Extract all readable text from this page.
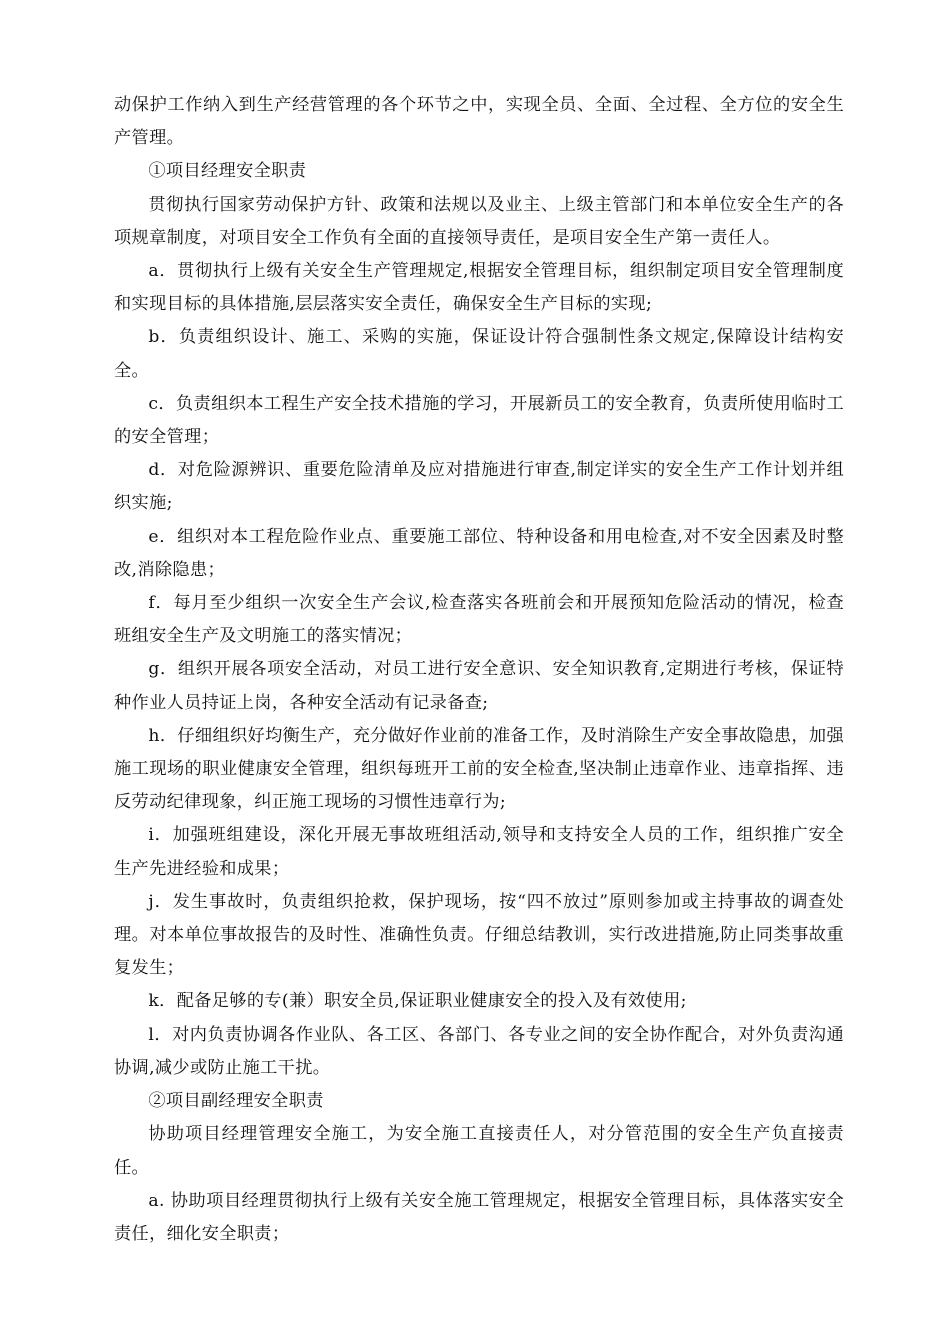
动保护工作纳入到生产经营管理的各个环节之中，实现全员、全面、全过程、全方位的安全生产管理。

①项目经理安全职责

贯彻执行国家劳动保护方针、政策和法规以及业主、上级主管部门和本单位安全生产的各项规章制度，对项目安全工作负有全面的直接领导责任，是项目安全生产第一责任人。

a．贯彻执行上级有关安全生产管理规定,根据安全管理目标，组织制定项目安全管理制度和实现目标的具体措施,层层落实安全责任，确保安全生产目标的实现;

b．负责组织设计、施工、采购的实施，保证设计符合强制性条文规定,保障设计结构安全。

c．负责组织本工程生产安全技术措施的学习，开展新员工的安全教育，负责所使用临时工的安全管理；

d．对危险源辨识、重要危险清单及应对措施进行审查,制定详实的安全生产工作计划并组织实施;

e．组织对本工程危险作业点、重要施工部位、特种设备和用电检查,对不安全因素及时整改,消除隐患；

f．每月至少组织一次安全生产会议,检查落实各班前会和开展预知危险活动的情况，检查班组安全生产及文明施工的落实情况；

g．组织开展各项安全活动，对员工进行安全意识、安全知识教育,定期进行考核，保证特种作业人员持证上岗，各种安全活动有记录备查;

h．仔细组织好均衡生产，充分做好作业前的准备工作，及时消除生产安全事故隐患，加强施工现场的职业健康安全管理，组织每班开工前的安全检查,坚决制止违章作业、违章指挥、违反劳动纪律现象，纠正施工现场的习惯性违章行为;

i．加强班组建设，深化开展无事故班组活动,领导和支持安全人员的工作，组织推广安全生产先进经验和成果；

j．发生事故时，负责组织抢救，保护现场，按“四不放过”原则参加或主持事故的调查处理。对本单位事故报告的及时性、准确性负责。仔细总结教训，实行改进措施,防止同类事故重复发生；

k．配备足够的专(兼）职安全员,保证职业健康安全的投入及有效使用;

l．对内负责协调各作业队、各工区、各部门、各专业之间的安全协作配合，对外负责沟通协调,减少或防止施工干扰。

②项目副经理安全职责

协助项目经理管理安全施工，为安全施工直接责任人，对分管范围的安全生产负直接责任。

a. 协助项目经理贯彻执行上级有关安全施工管理规定，根据安全管理目标，具体落实安全责任，细化安全职责；
